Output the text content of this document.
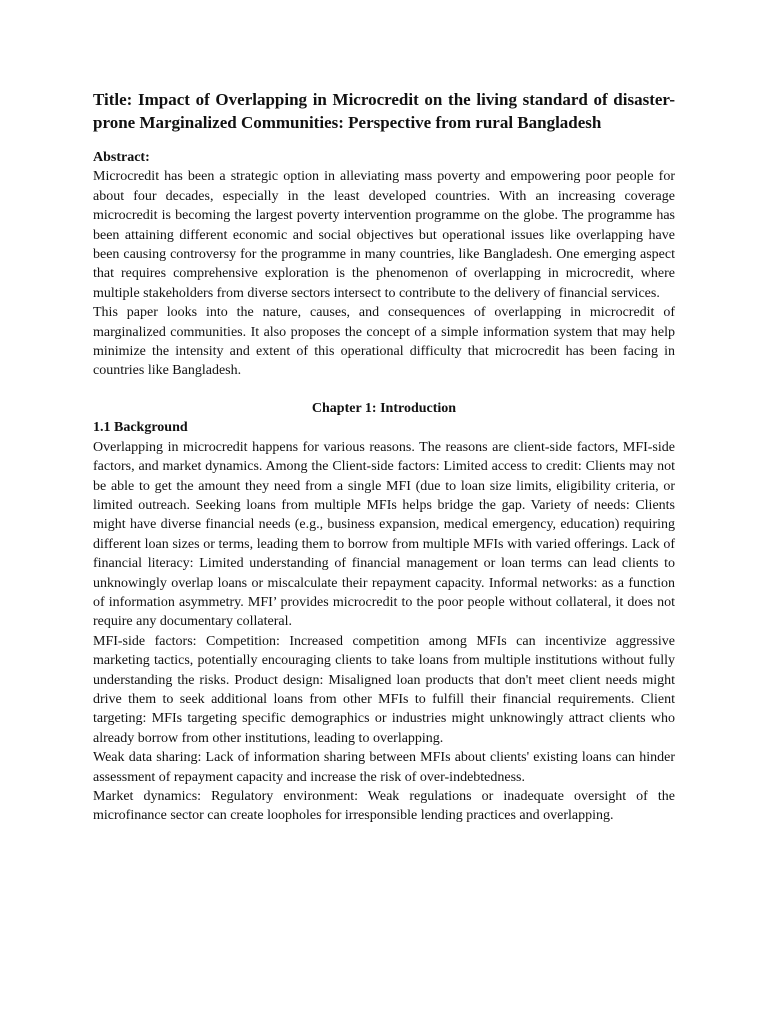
Title: Impact of Overlapping in Microcredit on the living standard of disaster-prone Marginalized Communities: Perspective from rural Bangladesh
Abstract:

Microcredit has been a strategic option in alleviating mass poverty and empowering poor people for about four decades, especially in the least developed countries. With an increasing coverage microcredit is becoming the largest poverty intervention programme on the globe. The programme has been attaining different economic and social objectives but operational issues like overlapping have been causing controversy for the programme in many countries, like Bangladesh. One emerging aspect that requires comprehensive exploration is the phenomenon of overlapping in microcredit, where multiple stakeholders from diverse sectors intersect to contribute to the delivery of financial services.

This paper looks into the nature, causes, and consequences of overlapping in microcredit of marginalized communities. It also proposes the concept of a simple information system that may help minimize the intensity and extent of this operational difficulty that microcredit has been facing in countries like Bangladesh.

Chapter 1: Introduction
1.1 Background

Overlapping in microcredit happens for various reasons. The reasons are client-side factors, MFI-side factors, and market dynamics. Among the Client-side factors: Limited access to credit: Clients may not be able to get the amount they need from a single MFI (due to loan size limits, eligibility criteria, or limited outreach. Seeking loans from multiple MFIs helps bridge the gap. Variety of needs: Clients might have diverse financial needs (e.g., business expansion, medical emergency, education) requiring different loan sizes or terms, leading them to borrow from multiple MFIs with varied offerings. Lack of financial literacy: Limited understanding of financial management or loan terms can lead clients to unknowingly overlap loans or miscalculate their repayment capacity. Informal networks: as a function of information asymmetry. MFI’ provides microcredit to the poor people without collateral, it does not require any documentary collateral.

MFI-side factors: Competition: Increased competition among MFIs can incentivize aggressive marketing tactics, potentially encouraging clients to take loans from multiple institutions without fully understanding the risks. Product design: Misaligned loan products that don't meet client needs might drive them to seek additional loans from other MFIs to fulfill their financial requirements. Client targeting: MFIs targeting specific demographics or industries might unknowingly attract clients who already borrow from other institutions, leading to overlapping.

Weak data sharing: Lack of information sharing between MFIs about clients' existing loans can hinder assessment of repayment capacity and increase the risk of over-indebtedness.

Market dynamics: Regulatory environment: Weak regulations or inadequate oversight of the microfinance sector can create loopholes for irresponsible lending practices and overlapping.
